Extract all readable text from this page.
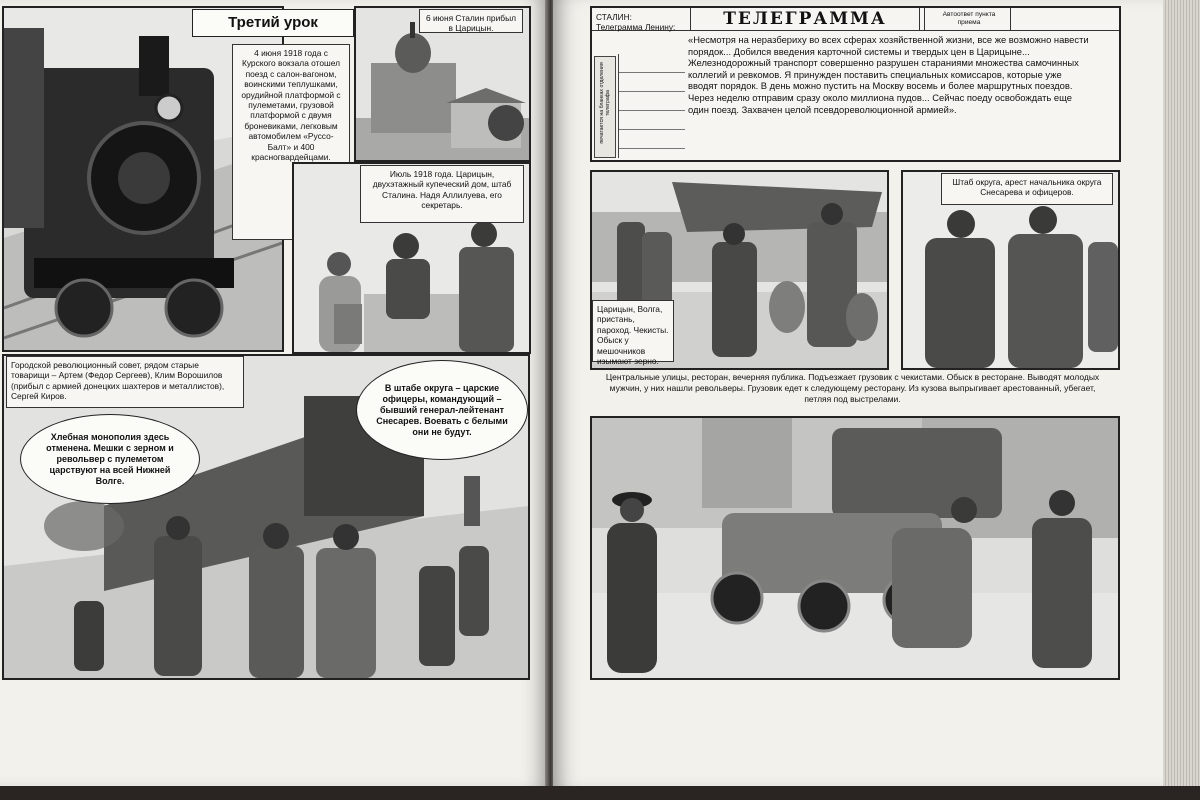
Третий урок
4 июня 1918 года с Курского вокзала отошел поезд с салон-вагоном, воинскими теплушками, орудийной платформой с пулеметами, грузовой платформой с двумя броневиками, легковым автомобилем «Руссо-Балт» и 400 красногвардейцами.
6 июня Сталин прибыл в Царицын.
Июль 1918 года. Царицын, двухэтажный купеческий дом, штаб Сталина. Надя Аллилуева, его секретарь.
Городской революционный совет, рядом старые товарищи – Артем (Федор Сергеев), Клим Ворошилов (прибыл с армией донецких шахтеров и металлистов), Сергей Киров.
Хлебная монополия здесь отменена. Мешки с зерном и револьвер с пулеметом царствуют на всей Нижней Волге.
В штабе округа – царские офицеры, командующий – бывший генерал-лейтенант Снесарев. Воевать с белыми они не будут.
СТАЛИН: Телеграмма Ленину:	ТЕЛЕГРАММА	Автоответ пункта приема
печатается на бланках отделения телеграфа
«Несмотря на неразбериху во всех сферах хозяйственной жизни, все же возможно навести порядок... Добился введения карточной системы и твердых цен в Царицыне... Железнодорожный транспорт совершенно разрушен стараниями множества самочинных коллегий и ревкомов. Я принужден поставить специальных комиссаров, которые уже вводят порядок. В день можно пустить на Москву восемь и более маршрутных поездов. Через неделю отправим сразу около миллиона пудов... Сейчас поеду освобождать еще один поезд. Захвачен целой псевдореволюционной армией».
Царицын, Волга, пристань, пароход. Чекисты. Обыск у мешочников изымают зерно.
Штаб округа, арест начальника округа Снесарева и офицеров.
Центральные улицы, ресторан, вечерняя публика. Подъезжает грузовик с чекистами. Обыск в ресторане. Выводят молодых мужчин, у них нашли револьверы. Грузовик едет к следующему ресторану. Из кузова выпрыгивает арестованный, убегает, петляя под выстрелами.
